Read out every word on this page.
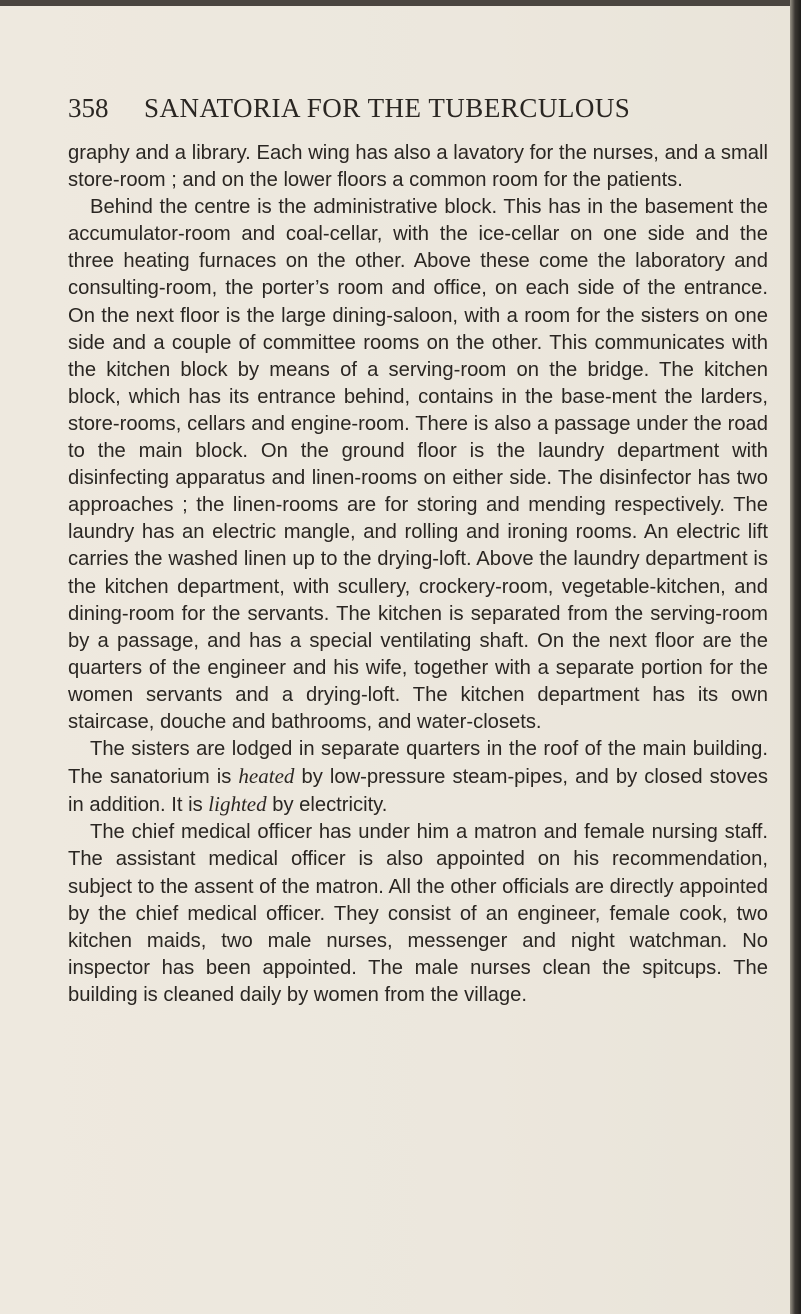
358 SANATORIA FOR THE TUBERCULOUS

graphy and a library. Each wing has also a lavatory for the nurses, and a small store-room ; and on the lower floors a common room for the patients.

Behind the centre is the administrative block. This has in the basement the accumulator-room and coal-cellar, with the ice-cellar on one side and the three heating furnaces on the other. Above these come the laboratory and consulting-room, the porter’s room and office, on each side of the entrance. On the next floor is the large dining-saloon, with a room for the sisters on one side and a couple of committee rooms on the other. This communicates with the kitchen block by means of a serving-room on the bridge. The kitchen block, which has its entrance behind, contains in the base-ment the larders, store-rooms, cellars and engine-room. There is also a passage under the road to the main block. On the ground floor is the laundry department with disinfecting apparatus and linen-rooms on either side. The disinfector has two approaches ; the linen-rooms are for storing and mending respectively. The laundry has an electric mangle, and rolling and ironing rooms. An electric lift carries the washed linen up to the drying-loft. Above the laundry department is the kitchen department, with scullery, crockery-room, vegetable-kitchen, and dining-room for the servants. The kitchen is separated from the serving-room by a passage, and has a special ventilating shaft. On the next floor are the quarters of the engineer and his wife, together with a separate portion for the women servants and a drying-loft. The kitchen department has its own staircase, douche and bathrooms, and water-closets.

The sisters are lodged in separate quarters in the roof of the main building. The sanatorium is heated by low-pressure steam-pipes, and by closed stoves in addition. It is lighted by electricity.

The chief medical officer has under him a matron and female nursing staff. The assistant medical officer is also appointed on his recommendation, subject to the assent of the matron. All the other officials are directly appointed by the chief medical officer. They consist of an engineer, female cook, two kitchen maids, two male nurses, messenger and night watchman. No inspector has been appointed. The male nurses clean the spitcups. The building is cleaned daily by women from the village.
